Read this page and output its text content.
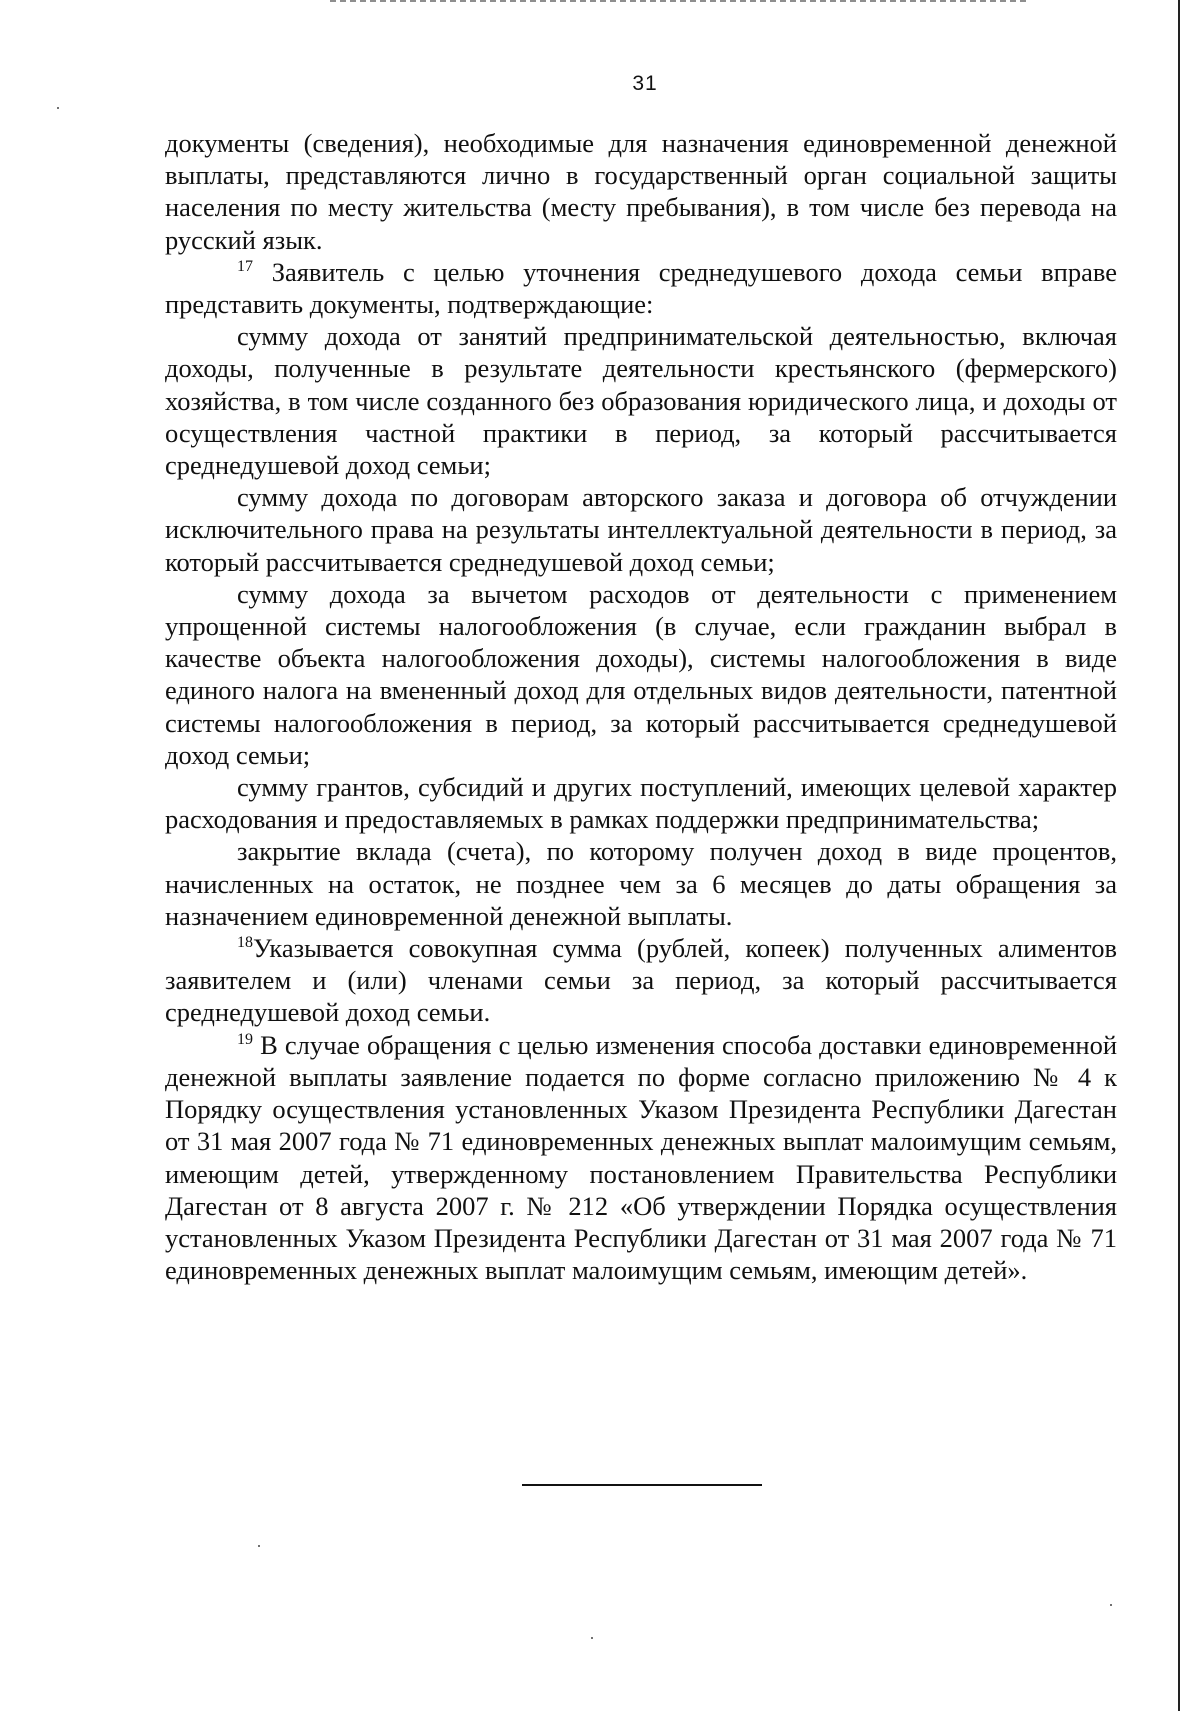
31

документы (сведения), необходимые для назначения единовременной денежной выплаты, представляются лично в государственный орган социальной защиты населения по месту жительства (месту пребывания), в том числе без перевода на русский язык.

$^{17}$ Заявитель с целью уточнения среднедушевого дохода семьи вправе представить документы, подтверждающие:

сумму дохода от занятий предпринимательской деятельностью, включая доходы, полученные в результате деятельности крестьянского (фермерского) хозяйства, в том числе созданного без образования юридического лица, и доходы от осуществления частной практики в период, за который рассчитывается среднедушевой доход семьи;

сумму дохода по договорам авторского заказа и договора об отчуждении исключительного права на результаты интеллектуальной деятельности в период, за который рассчитывается среднедушевой доход семьи;

сумму дохода за вычетом расходов от деятельности с применением упрощенной системы налогообложения (в случае, если гражданин выбрал в качестве объекта налогообложения доходы), системы налогообложения в виде единого налога на вмененный доход для отдельных видов деятельности, патентной системы налогообложения в период, за который рассчитывается среднедушевой доход семьи;

сумму грантов, субсидий и других поступлений, имеющих целевой характер расходования и предоставляемых в рамках поддержки предпринимательства;

закрытие вклада (счета), по которому получен доход в виде процентов, начисленных на остаток, не позднее чем за 6 месяцев до даты обращения за назначением единовременной денежной выплаты.

$^{18}$Указывается совокупная сумма (рублей, копеек) полученных алиментов заявителем и (или) членами семьи за период, за который рассчитывается среднедушевой доход семьи.

$^{19}$ В случае обращения с целью изменения способа доставки единовременной денежной выплаты заявление подается по форме согласно приложению № 4 к Порядку осуществления установленных Указом Президента Республики Дагестан от 31 мая 2007 года № 71 единовременных денежных выплат малоимущим семьям, имеющим детей, утвержденному постановлением Правительства Республики Дагестан от 8 августа 2007 г. № 212 «Об утверждении Порядка осуществления установленных Указом Президента Республики Дагестан от 31 мая 2007 года № 71 единовременных денежных выплат малоимущим семьям, имеющим детей».
